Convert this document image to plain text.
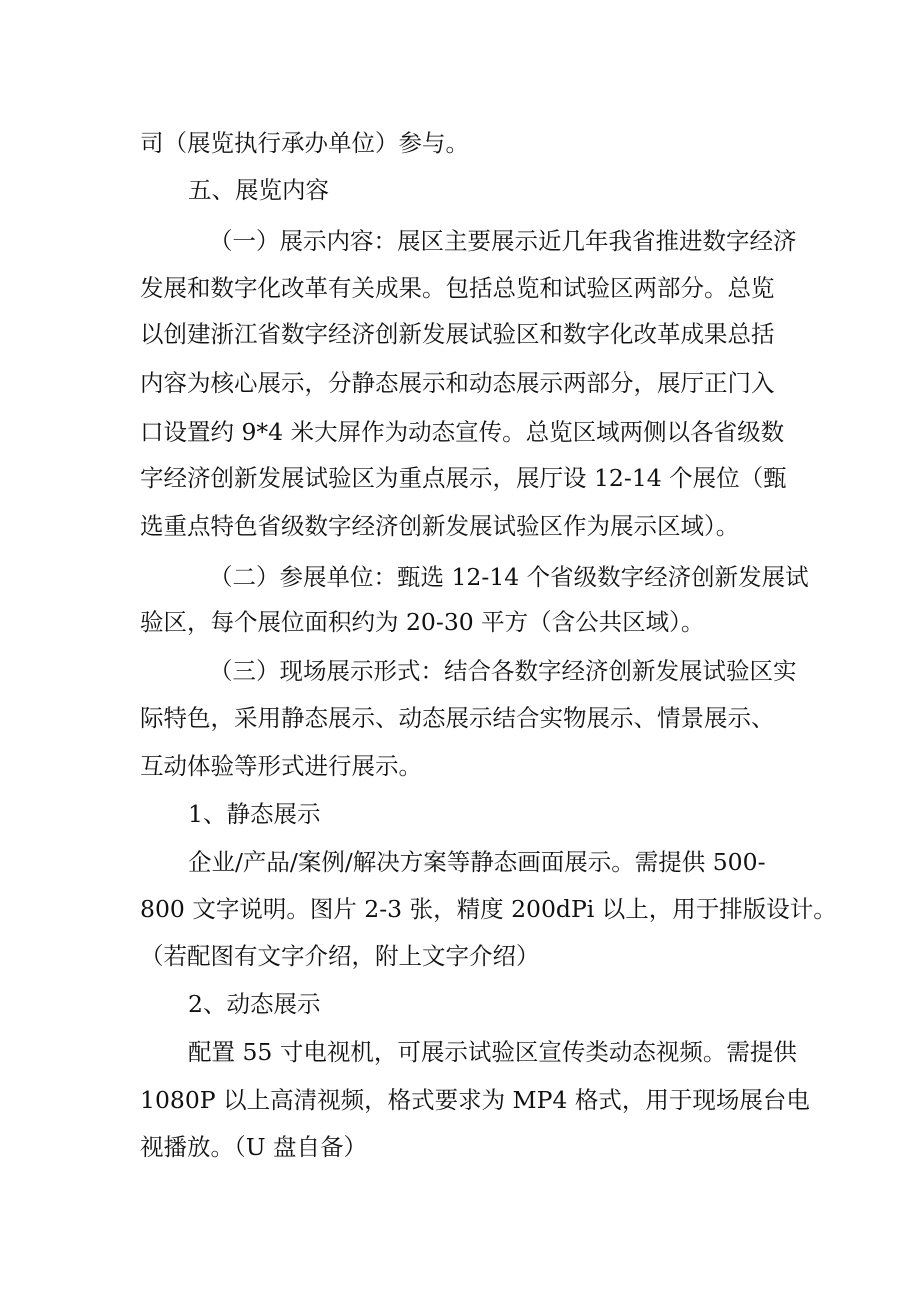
司（展览执行承办单位）参与。
五、展览内容
（一）展示内容：展区主要展示近几年我省推进数字经济
发展和数字化改革有关成果。包括总览和试验区两部分。总览
以创建浙江省数字经济创新发展试验区和数字化改革成果总括
内容为核心展示，分静态展示和动态展示两部分，展厅正门入
口设置约 9*4 米大屏作为动态宣传。总览区域两侧以各省级数
字经济创新发展试验区为重点展示，展厅设 12-14 个展位（甄
选重点特色省级数字经济创新发展试验区作为展示区域）。
（二）参展单位：甄选 12-14 个省级数字经济创新发展试
验区，每个展位面积约为 20-30 平方（含公共区域）。
（三）现场展示形式：结合各数字经济创新发展试验区实
际特色，采用静态展示、动态展示结合实物展示、情景展示、
互动体验等形式进行展示。
1、静态展示
企业/产品/案例/解决方案等静态画面展示。需提供 500-
800 文字说明。图片 2-3 张，精度 200dPi 以上，用于排版设计。
（若配图有文字介绍，附上文字介绍）
2、动态展示
配置 55 寸电视机，可展示试验区宣传类动态视频。需提供
1080P 以上高清视频，格式要求为 MP4 格式，用于现场展台电
视播放。（U 盘自备）
